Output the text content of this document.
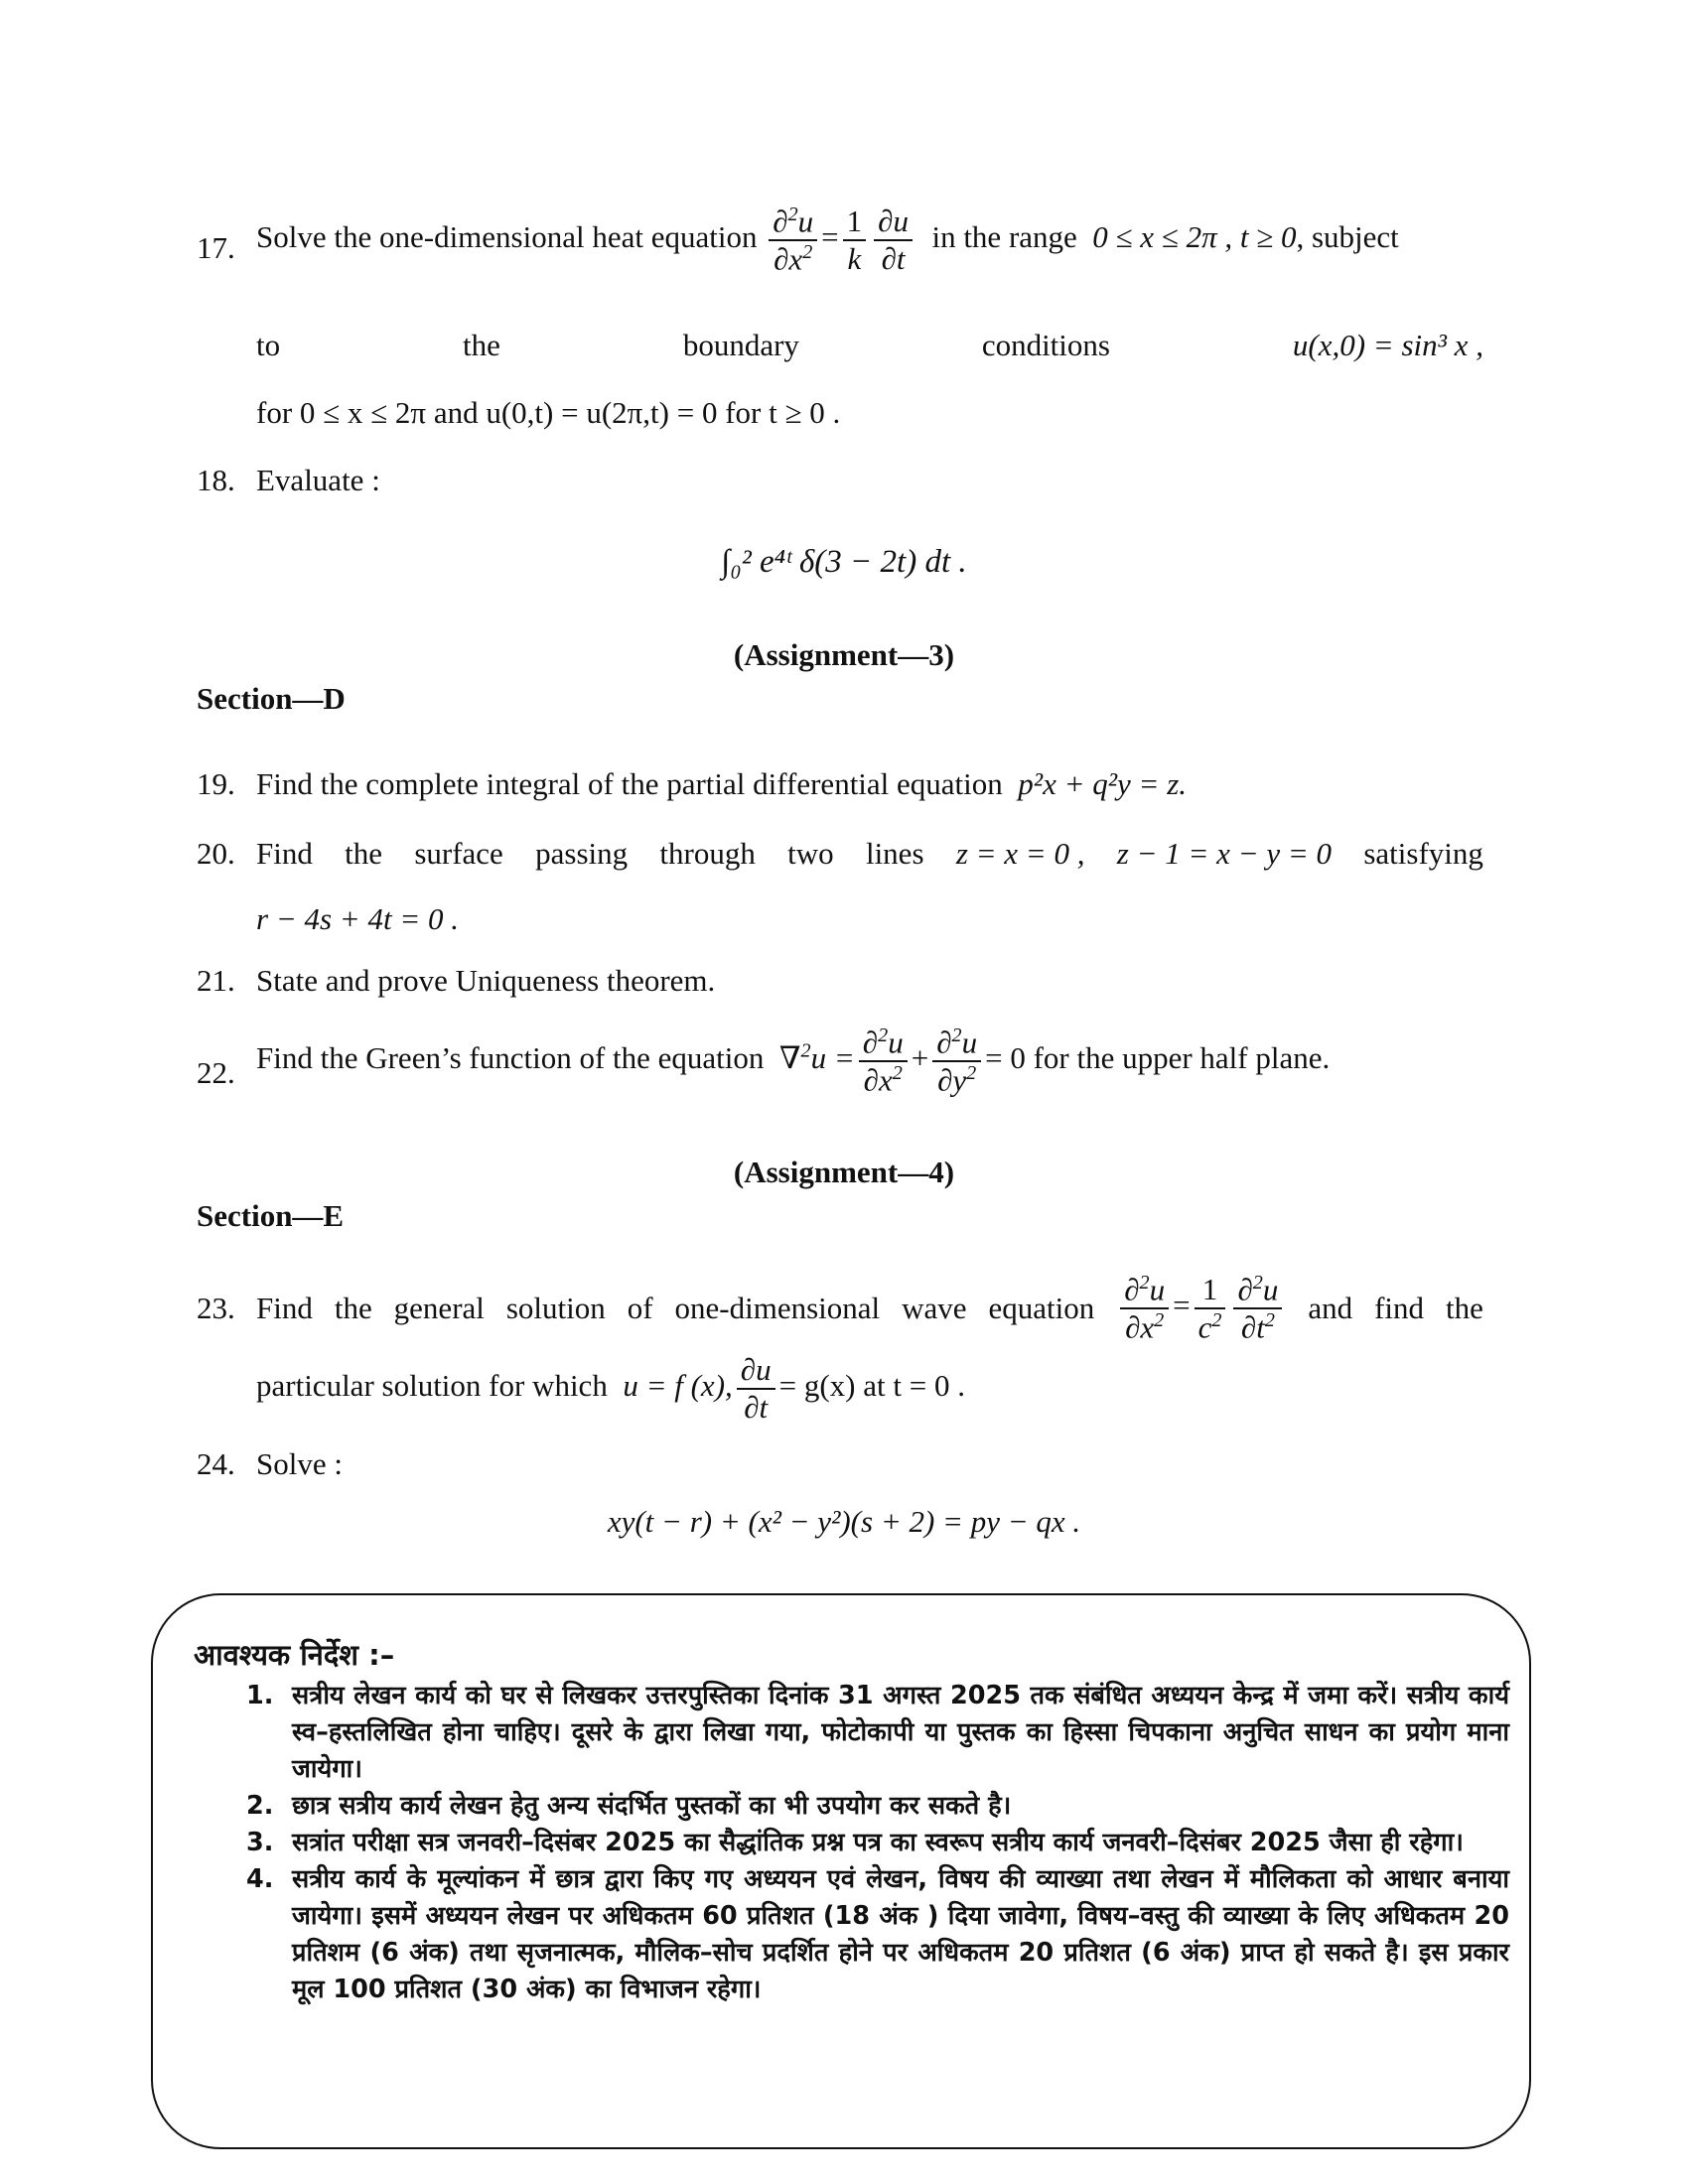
17. Solve the one-dimensional heat equation $\frac{\partial^2u}{\partial x^2} = \frac{1}{k} \frac{\partial u}{\partial t}$ in the range 0 ≤ x ≤ 2π , t ≥ 0, subject
to	the	boundary	conditions	u(x,0) = sin³ x ,
for 0 ≤ x ≤ 2π and u(0,t) = u(2π,t) = 0 for t ≥ 0 .
18. Evaluate :
∫₀² e⁴ᵗ δ(3 − 2t) dt .
(Assignment—3)
Section—D
19. Find the complete integral of the partial differential equation p²x + q²y = z.
20. Find the surface passing through two lines z = x = 0 , z − 1 = x − y = 0 satisfying
r − 4s + 4t = 0 .
21. State and prove Uniqueness theorem.
22. Find the Green’s function of the equation  $\nabla^2u = \frac{\partial^2u}{\partial x^2} + \frac{\partial^2u}{\partial y^2} = 0$ for the upper half plane.
(Assignment—4)
Section—E
23. Find the general solution of one-dimensional wave equation $\frac{\partial^2u}{\partial x^2} = \frac{1}{c^2} \frac{\partial^2u}{\partial t^2}$ and find the
particular solution for which  u = f (x), $\frac{\partial u}{\partial t} = g(x)$ at t = 0 .
24. Solve :
xy(t − r) + (x² − y²)(s + 2) = py − qx .
आवश्यक निर्देश :–
1. सत्रीय लेखन कार्य को घर से लिखकर उत्तरपुस्तिका दिनांक 31 अगस्त 2025 तक संबंधित अध्ययन केन्द्र में जमा करें। सत्रीय कार्य स्व–हस्तलिखित होना चाहिए। दूसरे के द्वारा लिखा गया, फोटोकापी या पुस्तक का हिस्सा चिपकाना अनुचित साधन का प्रयोग माना जायेगा।
2. छात्र सत्रीय कार्य लेखन हेतु अन्य संदर्भित पुस्तकों का भी उपयोग कर सकते है।
3. सत्रांत परीक्षा सत्र जनवरी–दिसंबर 2025 का सैद्धांतिक प्रश्न पत्र का स्वरूप सत्रीय कार्य जनवरी–दिसंबर 2025 जैसा ही रहेगा।
4. सत्रीय कार्य के मूल्यांकन में छात्र द्वारा किए गए अध्ययन एवं लेखन, विषय की व्याख्या तथा लेखन में मौलिकता को आधार बनाया जायेगा। इसमें अध्ययन लेखन पर अधिकतम 60 प्रतिशत (18 अंक ) दिया जावेगा, विषय–वस्तु की व्याख्या के लिए अधिकतम 20 प्रतिशम (6 अंक) तथा सृजनात्मक, मौलिक–सोच प्रदर्शित होने पर अधिकतम 20 प्रतिशत (6 अंक) प्राप्त हो सकते है। इस प्रकार मूल 100 प्रतिशत (30 अंक) का विभाजन रहेगा।
